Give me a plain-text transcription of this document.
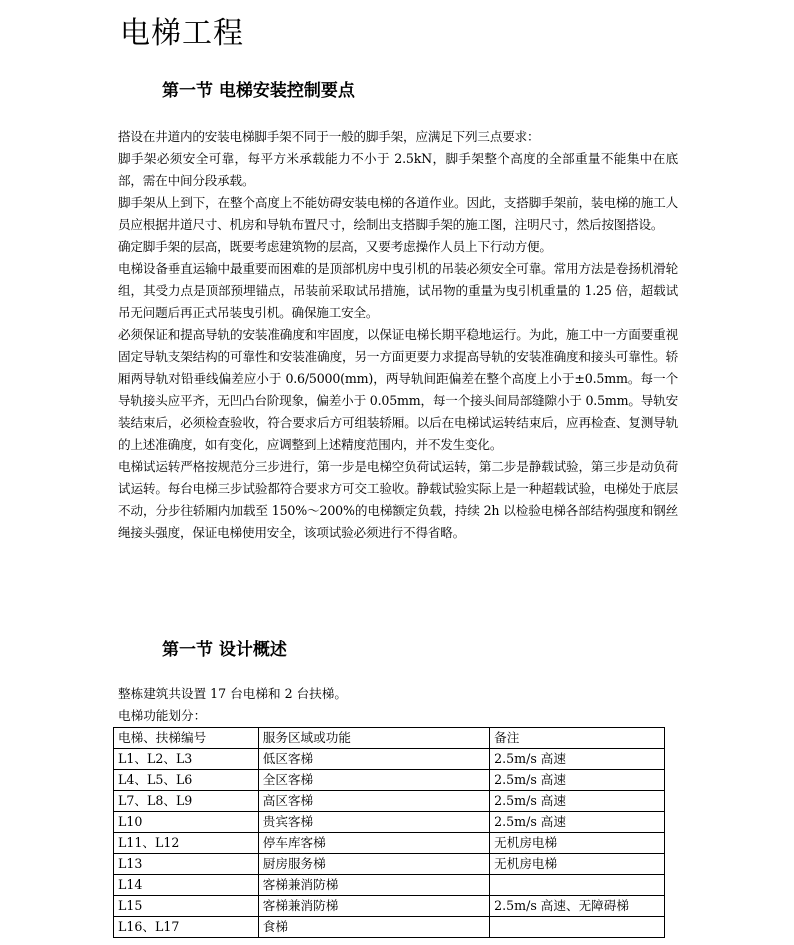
电梯工程
第一节 电梯安装控制要点

搭设在井道内的安装电梯脚手架不同于一般的脚手架，应满足下列三点要求：

脚手架必须安全可靠，每平方米承载能力不小于 2.5kN，脚手架整个高度的全部重量不能集中在底部，需在中间分段承载。

脚手架从上到下，在整个高度上不能妨碍安装电梯的各道作业。因此，支搭脚手架前，装电梯的施工人员应根据井道尺寸、机房和导轨布置尺寸，绘制出支搭脚手架的施工图，注明尺寸，然后按图搭设。

确定脚手架的层高，既要考虑建筑物的层高，又要考虑操作人员上下行动方便。

电梯设备垂直运输中最重要而困难的是顶部机房中曳引机的吊装必须安全可靠。常用方法是卷扬机滑轮组，其受力点是顶部预埋锚点，吊装前采取试吊措施，试吊物的重量为曳引机重量的 1.25 倍，超载试吊无问题后再正式吊装曳引机。确保施工安全。

必须保证和提高导轨的安装准确度和牢固度，以保证电梯长期平稳地运行。为此，施工中一方面要重视固定导轨支架结构的可靠性和安装准确度，另一方面更要力求提高导轨的安装准确度和接头可靠性。轿厢两导轨对铅垂线偏差应小于 0.6/5000(mm)，两导轨间距偏差在整个高度上小于±0.5mm。每一个导轨接头应平齐，无凹凸台阶现象，偏差小于 0.05mm，每一个接头间局部缝隙小于 0.5mm。导轨安装结束后，必须检查验收，符合要求后方可组装轿厢。以后在电梯试运转结束后，应再检查、复测导轨的上述准确度，如有变化，应调整到上述精度范围内，并不发生变化。

电梯试运转严格按规范分三步进行，第一步是电梯空负荷试运转，第二步是静载试验，第三步是动负荷试运转。每台电梯三步试验都符合要求方可交工验收。静载试验实际上是一种超载试验，电梯处于底层不动，分步往轿厢内加载至 150%～200%的电梯额定负载，持续 2h 以检验电梯各部结构强度和钢丝绳接头强度，保证电梯使用安全，该项试验必须进行不得省略。

第一节 设计概述

整栋建筑共设置 17 台电梯和 2 台扶梯。

电梯功能划分：

电梯、扶梯编号	服务区域或功能	备注
L1、L2、L3	低区客梯	2.5m/s 高速
L4、L5、L6	全区客梯	2.5m/s 高速
L7、L8、L9	高区客梯	2.5m/s 高速
L10	贵宾客梯	2.5m/s 高速
L11、L12	停车库客梯	无机房电梯
L13	厨房服务梯	无机房电梯
L14	客梯兼消防梯	
L15	客梯兼消防梯	2.5m/s 高速、无障碍梯
L16、L17	食梯	
